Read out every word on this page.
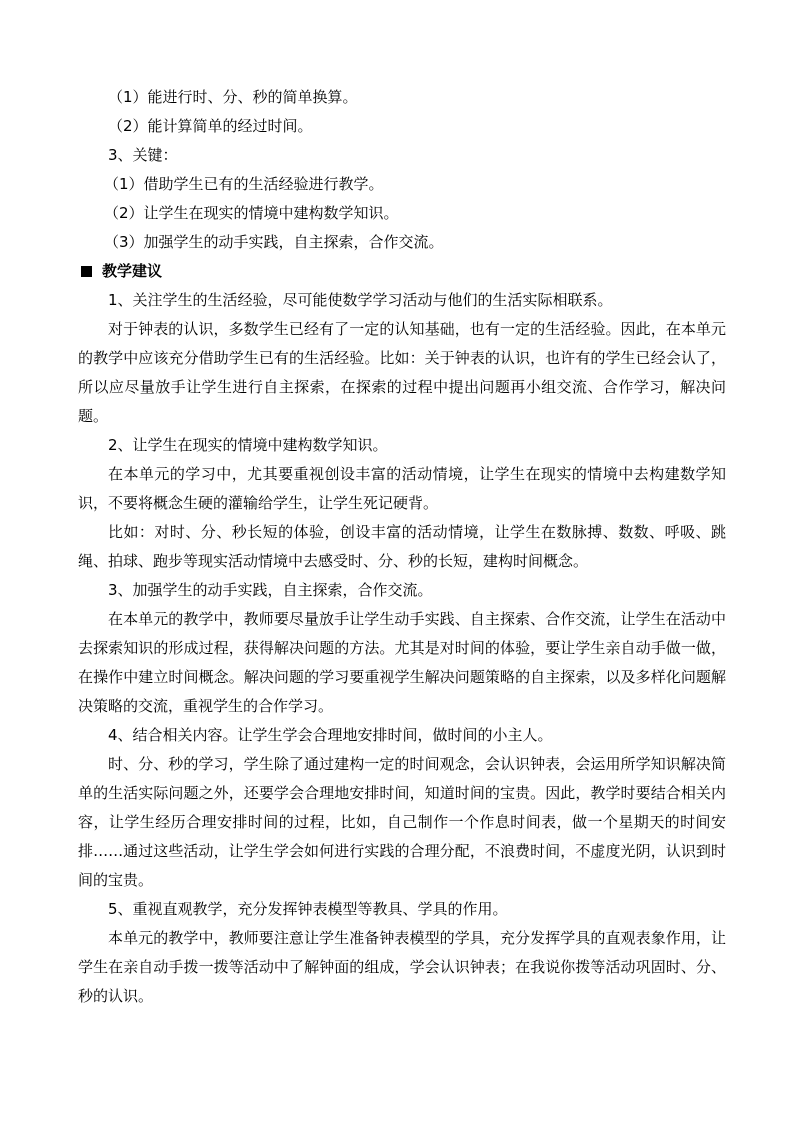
（1）能进行时、分、秒的简单换算。

（2）能计算简单的经过时间。

3、关键：

（1）借助学生已有的生活经验进行教学。

（2）让学生在现实的情境中建构数学知识。

（3）加强学生的动手实践，自主探索，合作交流。

教学建议

1、关注学生的生活经验，尽可能使数学学习活动与他们的生活实际相联系。

对于钟表的认识，多数学生已经有了一定的认知基础，也有一定的生活经验。因此，在本单元的教学中应该充分借助学生已有的生活经验。比如：关于钟表的认识，也许有的学生已经会认了，所以应尽量放手让学生进行自主探索，在探索的过程中提出问题再小组交流、合作学习，解决问题。

2、让学生在现实的情境中建构数学知识。

在本单元的学习中，尤其要重视创设丰富的活动情境，让学生在现实的情境中去构建数学知识，不要将概念生硬的灌输给学生，让学生死记硬背。

比如：对时、分、秒长短的体验，创设丰富的活动情境，让学生在数脉搏、数数、呼吸、跳绳、拍球、跑步等现实活动情境中去感受时、分、秒的长短，建构时间概念。

3、加强学生的动手实践，自主探索，合作交流。

在本单元的教学中，教师要尽量放手让学生动手实践、自主探索、合作交流，让学生在活动中去探索知识的形成过程，获得解决问题的方法。尤其是对时间的体验，要让学生亲自动手做一做，在操作中建立时间概念。解决问题的学习要重视学生解决问题策略的自主探索，以及多样化问题解决策略的交流，重视学生的合作学习。

4、结合相关内容。让学生学会合理地安排时间，做时间的小主人。

时、分、秒的学习，学生除了通过建构一定的时间观念，会认识钟表，会运用所学知识解决简单的生活实际问题之外，还要学会合理地安排时间，知道时间的宝贵。因此，教学时要结合相关内容，让学生经历合理安排时间的过程，比如，自己制作一个作息时间表，做一个星期天的时间安排……通过这些活动，让学生学会如何进行实践的合理分配，不浪费时间，不虚度光阴，认识到时间的宝贵。

5、重视直观教学，充分发挥钟表模型等教具、学具的作用。

本单元的教学中，教师要注意让学生准备钟表模型的学具，充分发挥学具的直观表象作用，让学生在亲自动手拨一拨等活动中了解钟面的组成，学会认识钟表；在我说你拨等活动巩固时、分、秒的认识。
